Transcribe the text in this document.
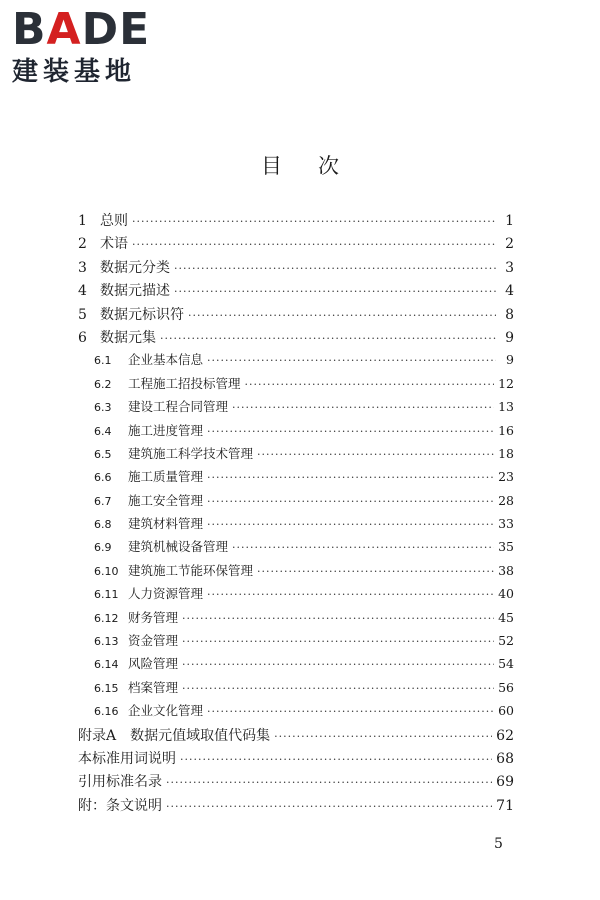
BADE
建装基地
目次
1 总则 ·····	1
2 术语 ·····	2
3 数据元分类 ·····	3
4 数据元描述 ·····	4
5 数据元标识符 ·····	8
6 数据元集 ·····	9
6.1	企业基本信息 ·····	9
6.2	工程施工招投标管理 ·····	12
6.3	建设工程合同管理 ·····	13
6.4	施工进度管理 ·····	16
6.5	建筑施工科学技术管理 ·····	18
6.6	施工质量管理 ·····	23
6.7	施工安全管理 ·····	28
6.8	建筑材料管理 ·····	33
6.9	建筑机械设备管理 ·····	35
6.10 建筑施工节能环保管理 ·····	38
6.11 人力资源管理 ·····	40
6.12 财务管理 ·····	45
6.13 资金管理 ·····	52
6.14 风险管理 ·····	54
6.15 档案管理 ·····	56
6.16 企业文化管理 ·····	60
附录A　数据元值域取值代码集 ·····	62
本标准用词说明 ·····	68
引用标准名录 ·····	69
附：条文说明 ·····	71
5
